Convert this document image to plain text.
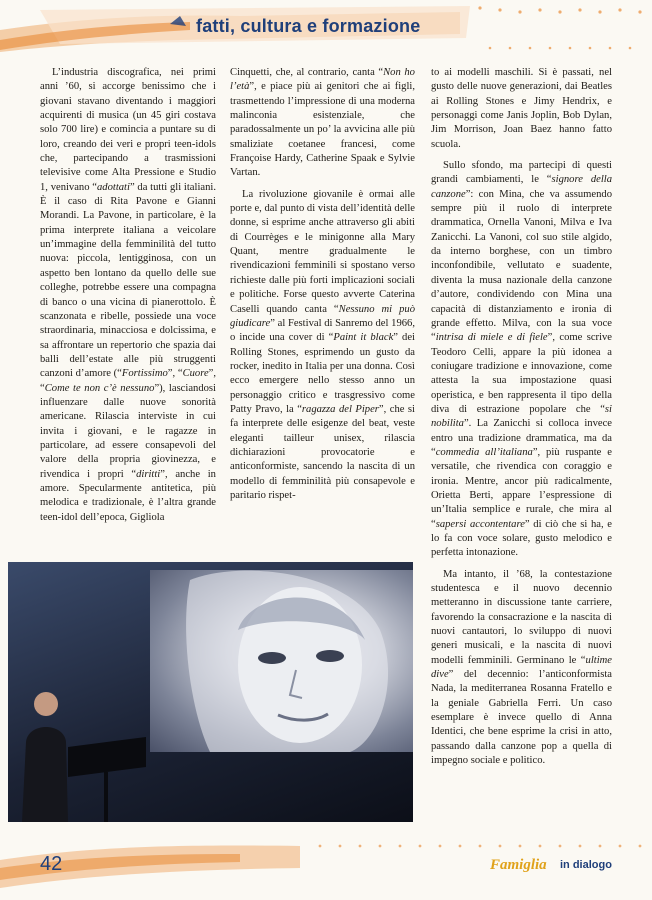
fatti, cultura e formazione

L’industria discografica, nei primi anni ’60, si accorge benissimo che i giovani stavano diventando i maggiori acquirenti di musica (un 45 giri costava solo 700 lire) e comincia a puntare su di loro, creando dei veri e propri teen-idols che, partecipando a trasmissioni televisive come Alta Pressione e Studio 1, venivano “adottati” da tutti gli italiani. È il caso di Rita Pavone e Gianni Morandi. La Pavone, in particolare, è la prima interprete italiana a veicolare un’immagine della femminilità del tutto nuova: piccola, lentigginosa, con un aspetto ben lontano da quello delle sue colleghe, potrebbe essere una compagna di banco o una vicina di pianerottolo. È scanzonata e ribelle, possiede una voce straordinaria, minacciosa e dolcissima, e sa affrontare un repertorio che spazia dai balli dell’estate alle più struggenti canzoni d’amore (“Fortissimo”, “Cuore”, “Come te non c’è nessuno”), lasciandosi influenzare dalle nuove sonorità americane. Rilascia interviste in cui invita i giovani, e le ragazze in particolare, ad essere consapevoli del valore della propria giovinezza, e rivendica i propri “diritti”, anche in amore. Specularmente antitetica, più melodica e tradizionale, è l’altra grande teen-idol dell’epoca, Gigliola

Cinquetti, che, al contrario, canta “Non ho l’età”, e piace più ai genitori che ai figli, trasmettendo l’impressione di una moderna malinconia esistenziale, che paradossalmente un po’ la avvicina alle più smaliziate coetanee francesi, come Françoise Hardy, Catherine Spaak e Sylvie Vartan.

La rivoluzione giovanile è ormai alle porte e, dal punto di vista dell’identità delle donne, si esprime anche attraverso gli abiti di Courrèges e le minigonne alla Mary Quant, mentre gradualmente le rivendicazioni femminili si spostano verso richieste dalle più forti implicazioni sociali e politiche. Forse questo avverte Caterina Caselli quando canta “Nessuno mi può giudicare” al Festival di Sanremo del 1966, o incide una cover di “Paint it black” dei Rolling Stones, esprimendo un gusto da rocker, inedito in Italia per una donna. Così ecco emergere nello stesso anno un personaggio critico e trasgressivo come Patty Pravo, la “ragazza del Piper”, che si fa interprete delle esigenze del beat, veste eleganti tailleur unisex, rilascia dichiarazioni provocatorie e anticonformiste, sancendo la nascita di un modello di femminilità più consapevole e paritario rispet-

to ai modelli maschili. Si è passati, nel gusto delle nuove generazioni, dai Beatles ai Rolling Stones e Jimy Hendrix, e personaggi come Janis Joplin, Bob Dylan, Jim Morrison, Joan Baez hanno fatto scuola.

Sullo sfondo, ma partecipi di questi grandi cambiamenti, le “signore della canzone”: con Mina, che va assumendo sempre più il ruolo di interprete drammatica, Ornella Vanoni, Milva e Iva Zanicchi. La Vanoni, col suo stile algido, da interno borghese, con un timbro inconfondibile, vellutato e suadente, diventa la musa nazionale della canzone d’autore, condividendo con Mina una capacità di distanziamento e ironia di grande effetto. Milva, con la sua voce “intrisa di miele e di fiele”, come scrive Teodoro Celli, appare la più idonea a coniugare tradizione e innovazione, come attesta la sua impostazione quasi operistica, e ben rappresenta il tipo della diva di estrazione popolare che “si nobilita”. La Zanicchi si colloca invece entro una tradizione drammatica, ma da “commedia all’italiana”, più ruspante e versatile, che rivendica con coraggio e ironia. Mentre, ancor più radicalmente, Orietta Berti, appare l’espressione di un’Italia semplice e rurale, che mira al “sapersi accontentare” di ciò che si ha, e lo fa con voce solare, gusto melodico e perfetta intonazione.

Ma intanto, il ’68, la contestazione studentesca e il nuovo decennio metteranno in discussione tante carriere, favorendo la consacrazione e la nascita di nuovi cantautori, lo sviluppo di nuovi generi musicali, e la nascita di nuovi modelli femminili. Germinano le “ultime dive” del decennio: l’anticonformista Nada, la mediterranea Rosanna Fratello e la geniale Gabriella Ferri. Un caso esemplare è invece quello di Anna Identici, che bene esprime la crisi in atto, passando dalla canzone pop a quella di impegno sociale e politico.

42	Famiglia in dialogo
